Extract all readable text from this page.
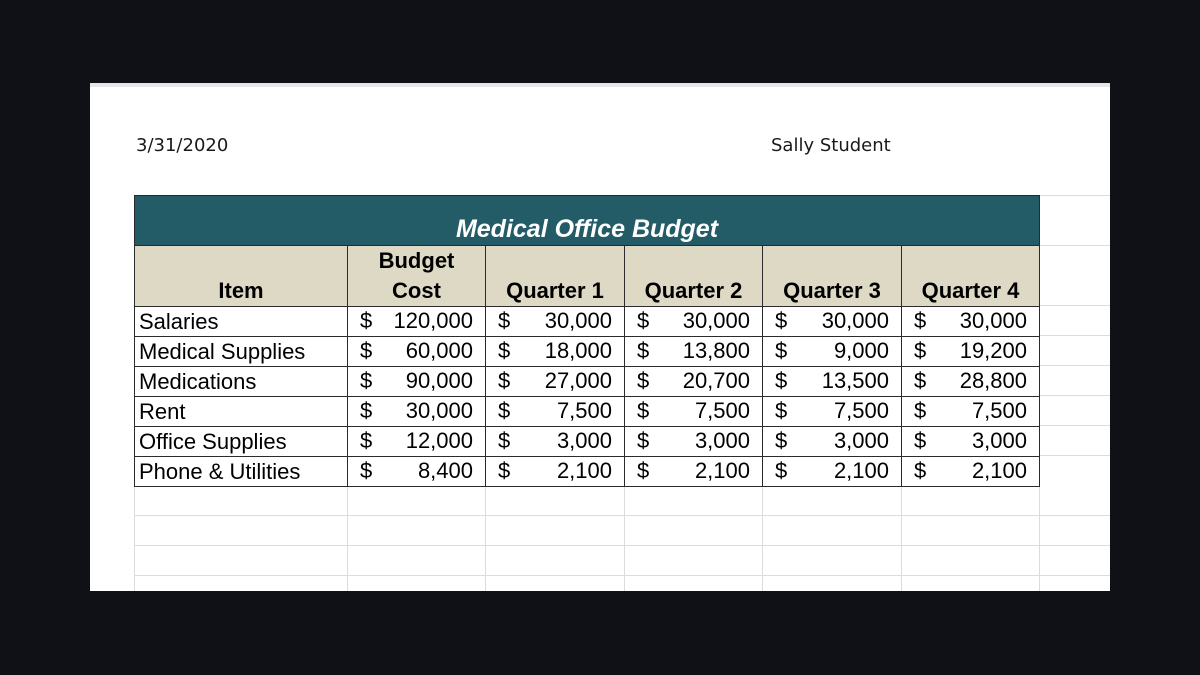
3/31/2020	Sally Student
Medical Office Budget					
Item	Budget Cost	Quarter 1	Quarter 2	Quarter 3	Quarter 4
Salaries	$ 120,000	$ 30,000	$ 30,000	$ 30,000	$ 30,000

Medical Supplies	$ 60,000	$ 18,000	$ 13,800	$ 9,000	$ 19,200

Medications	$ 90,000	$ 27,000	$ 20,700	$ 13,500	$ 28,800

Rent	$ 30,000	$ 7,500	$ 7,500	$ 7,500	$ 7,500

Office Supplies	$ 12,000	$ 3,000	$ 3,000	$ 3,000	$ 3,000

Phone & Utilities	$ 8,400	$ 2,100	$ 2,100	$ 2,100	$ 2,100
